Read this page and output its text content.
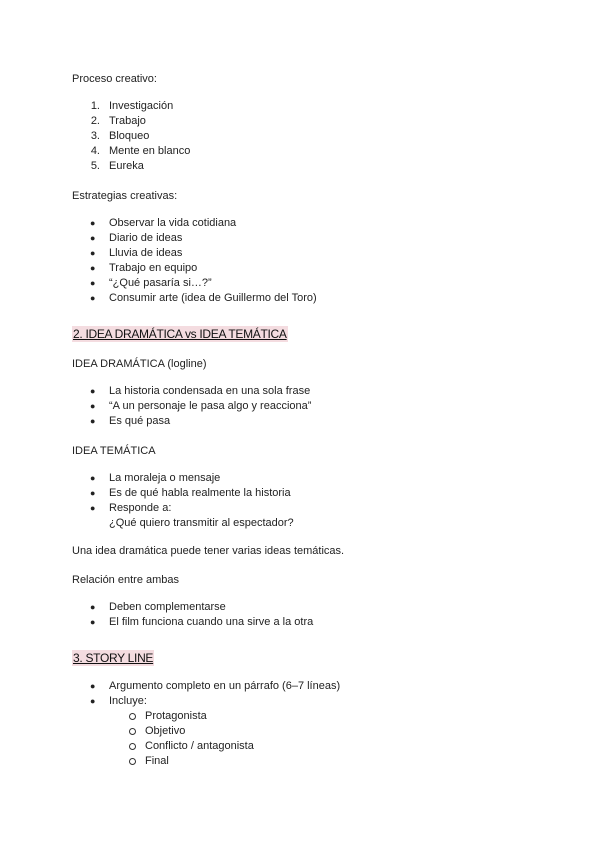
Proceso creativo:
1. Investigación
2. Trabajo
3. Bloqueo
4. Mente en blanco
5. Eureka
Estrategias creativas:
● Observar la vida cotidiana
● Diario de ideas
● Lluvia de ideas
● Trabajo en equipo
● “¿Qué pasaría si…?”
● Consumir arte (idea de Guillermo del Toro)
2. IDEA DRAMÁTICA vs IDEA TEMÁTICA
IDEA DRAMÁTICA (logline)
● La historia condensada en una sola frase
● “A un personaje le pasa algo y reacciona”
● Es qué pasa
IDEA TEMÁTICA
● La moraleja o mensaje
● Es de qué habla realmente la historia
● Responde a:
¿Qué quiero transmitir al espectador?
Una idea dramática puede tener varias ideas temáticas.
Relación entre ambas
● Deben complementarse
● El film funciona cuando una sirve a la otra
3. STORY LINE
● Argumento completo en un párrafo (6–7 líneas)
● Incluye:
Protagonista
Objetivo
Conflicto / antagonista
Final
